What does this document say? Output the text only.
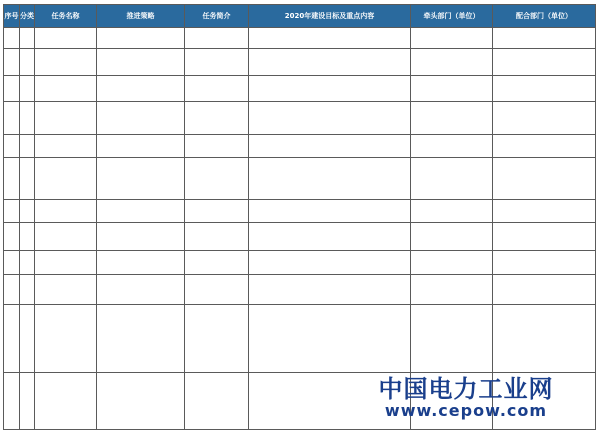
序号	分类	任务名称	推进策略	任务简介	2020年建设目标及重点内容	牵头部门（单位）	配合部门（单位）

中国电力工业网
www.cepow.com
